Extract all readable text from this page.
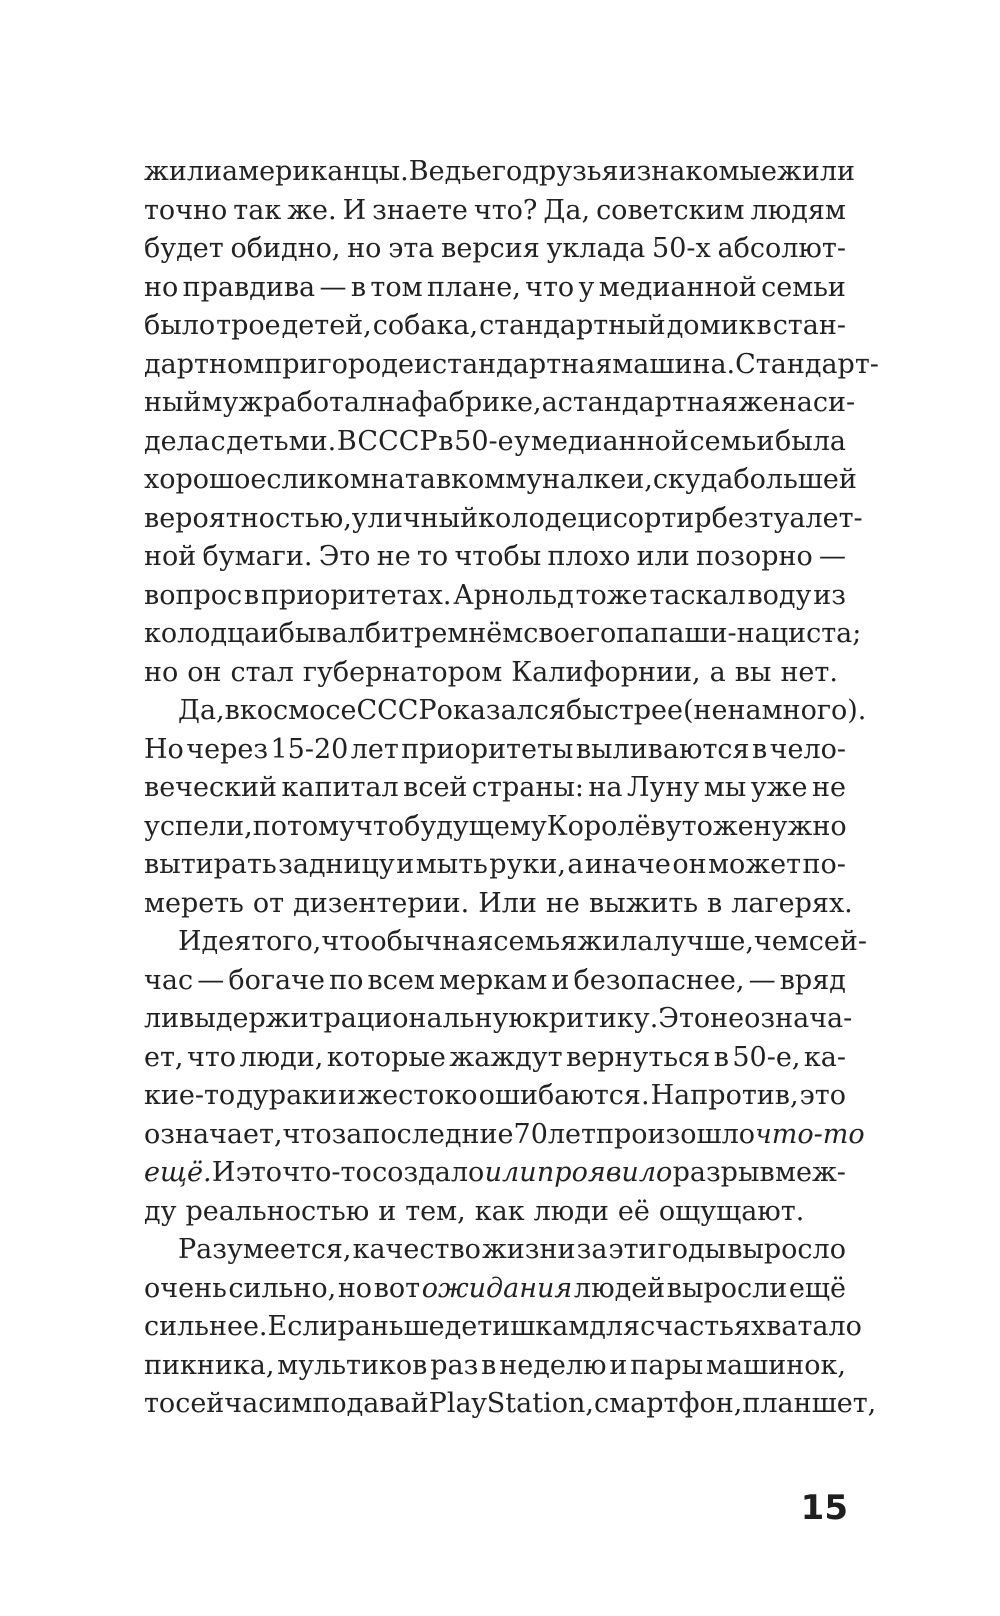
жили американцы. Ведь его друзья и знакомые жили
точно так же. И знаете что? Да, советским людям
будет обидно, но эта версия уклада 50-х абсолют-
но правдива — в том плане, что у медианной семьи
было трое детей, собака, стандартный домик в стан-
дартном пригороде и стандартная машина. Стандарт-
ный муж работал на фабрике, а стандартная жена си-
дела с детьми. В СССР в 50-е у медианной семьи была
хорошо если комната в коммуналке и, с куда большей
вероятностью, уличный колодец и сортир без туалет-
ной бумаги. Это не то чтобы плохо или позорно —
вопрос в приоритетах. Арнольд тоже таскал воду из
колодца и бывал бит ремнём своего папаши-нациста;
но он стал губернатором Калифорнии, а вы нет.
Да, в космосе СССР оказался быстрее (ненамного).
Но через 15-20 лет приоритеты выливаются в чело-
веческий капитал всей страны: на Луну мы уже не
успели, потому что будущему Королёву тоже нужно
вытирать задницу и мыть руки, а иначе он может по-
мереть от дизентерии. Или не выжить в лагерях.
Идея того, что обычная семья жила лучше, чем сей-
час — богаче по всем меркам и безопаснее, — вряд
ли выдержит рациональную критику. Это не означа-
ет, что люди, которые жаждут вернуться в 50-е, ка-
кие-то дураки и жестоко ошибаются. Напротив, это
означает, что за последние 70 лет произошло что-то
ещё. И это что-то создало или проявило разрыв меж-
ду реальностью и тем, как люди её ощущают.
Разумеется, качество жизни за эти годы выросло
очень сильно, но вот ожидания людей выросли ещё
сильнее. Если раньше детишкам для счастья хватало
пикника, мультиков раз в неделю и пары машинок,
то сейчас им подавай PlayStation, смартфон, планшет,
15
